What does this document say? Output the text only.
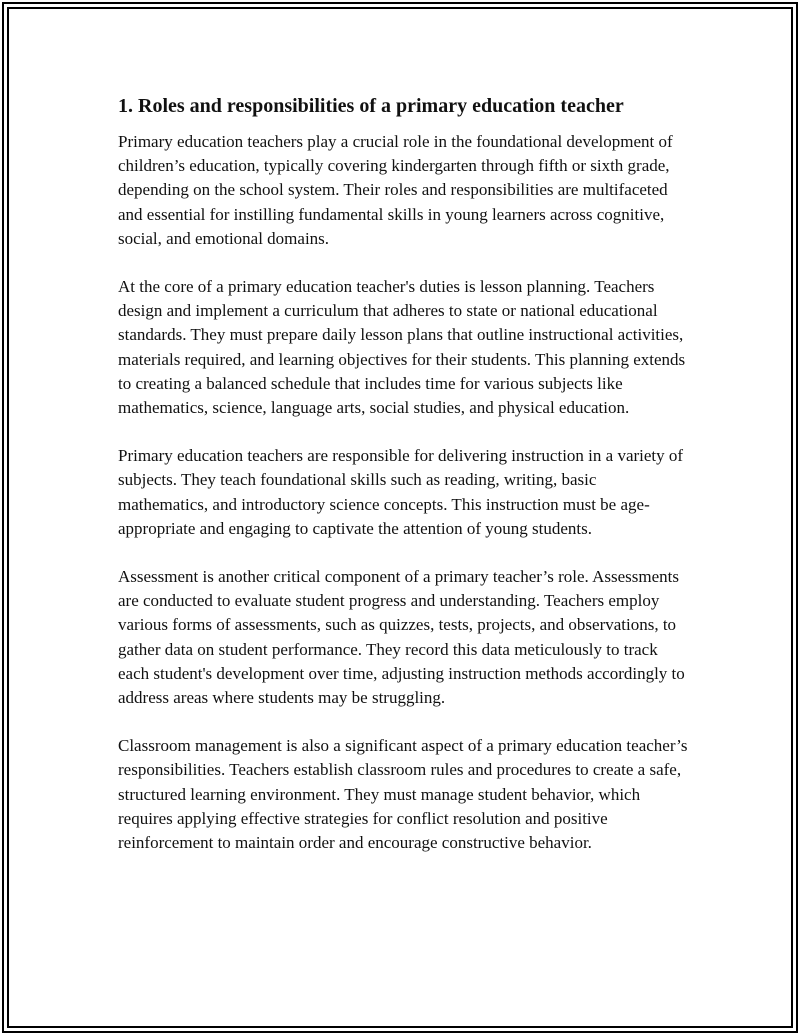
1. Roles and responsibilities of a primary education teacher

Primary education teachers play a crucial role in the foundational development of children’s education, typically covering kindergarten through fifth or sixth grade, depending on the school system. Their roles and responsibilities are multifaceted and essential for instilling fundamental skills in young learners across cognitive, social, and emotional domains.

At the core of a primary education teacher's duties is lesson planning. Teachers design and implement a curriculum that adheres to state or national educational standards. They must prepare daily lesson plans that outline instructional activities, materials required, and learning objectives for their students. This planning extends to creating a balanced schedule that includes time for various subjects like mathematics, science, language arts, social studies, and physical education.

Primary education teachers are responsible for delivering instruction in a variety of subjects. They teach foundational skills such as reading, writing, basic mathematics, and introductory science concepts. This instruction must be age-appropriate and engaging to captivate the attention of young students.

Assessment is another critical component of a primary teacher’s role. Assessments are conducted to evaluate student progress and understanding. Teachers employ various forms of assessments, such as quizzes, tests, projects, and observations, to gather data on student performance. They record this data meticulously to track each student's development over time, adjusting instruction methods accordingly to address areas where students may be struggling.

Classroom management is also a significant aspect of a primary education teacher’s responsibilities. Teachers establish classroom rules and procedures to create a safe, structured learning environment. They must manage student behavior, which requires applying effective strategies for conflict resolution and positive reinforcement to maintain order and encourage constructive behavior.
